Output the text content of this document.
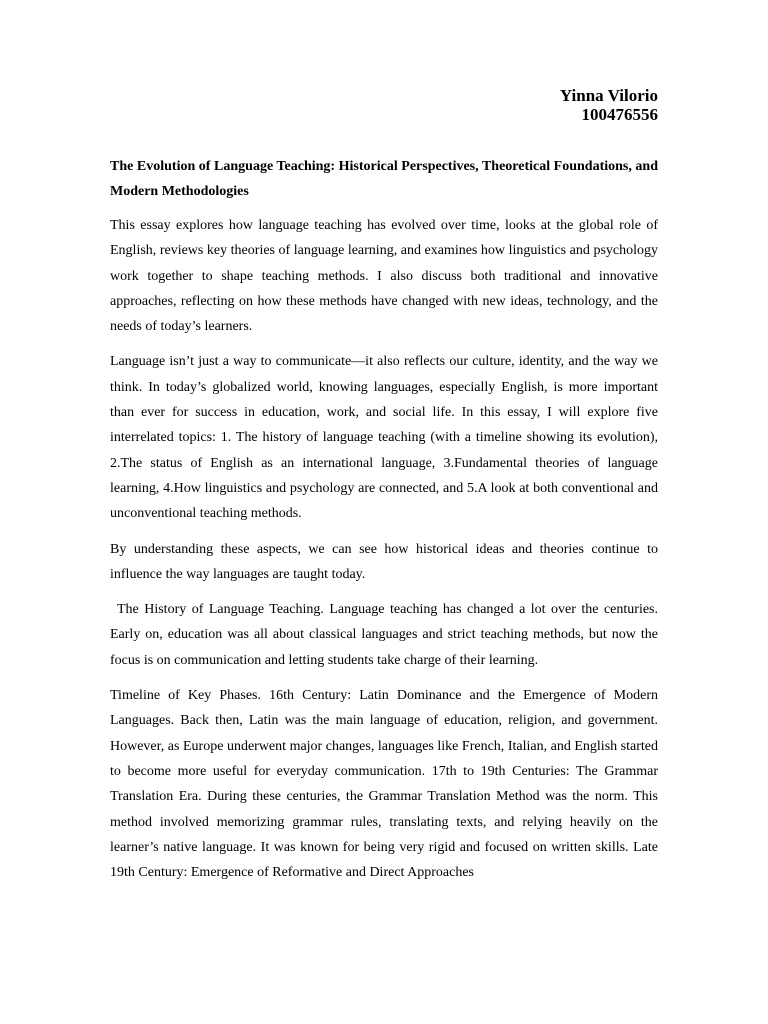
Yinna Vilorio
100476556
The Evolution of Language Teaching: Historical Perspectives, Theoretical Foundations, and Modern Methodologies

This essay explores how language teaching has evolved over time, looks at the global role of English, reviews key theories of language learning, and examines how linguistics and psychology work together to shape teaching methods. I also discuss both traditional and innovative approaches, reflecting on how these methods have changed with new ideas, technology, and the needs of today’s learners.

Language isn’t just a way to communicate—it also reflects our culture, identity, and the way we think. In today’s globalized world, knowing languages, especially English, is more important than ever for success in education, work, and social life. In this essay, I will explore five interrelated topics: 1. The history of language teaching (with a timeline showing its evolution), 2.The status of English as an international language, 3.Fundamental theories of language learning, 4.How linguistics and psychology are connected, and 5.A look at both conventional and unconventional teaching methods.

By understanding these aspects, we can see how historical ideas and theories continue to influence the way languages are taught today.

The History of Language Teaching. Language teaching has changed a lot over the centuries. Early on, education was all about classical languages and strict teaching methods, but now the focus is on communication and letting students take charge of their learning.

Timeline of Key Phases. 16th Century: Latin Dominance and the Emergence of Modern Languages. Back then, Latin was the main language of education, religion, and government. However, as Europe underwent major changes, languages like French, Italian, and English started to become more useful for everyday communication. 17th to 19th Centuries: The Grammar Translation Era. During these centuries, the Grammar Translation Method was the norm. This method involved memorizing grammar rules, translating texts, and relying heavily on the learner’s native language. It was known for being very rigid and focused on written skills. Late 19th Century: Emergence of Reformative and Direct Approaches
